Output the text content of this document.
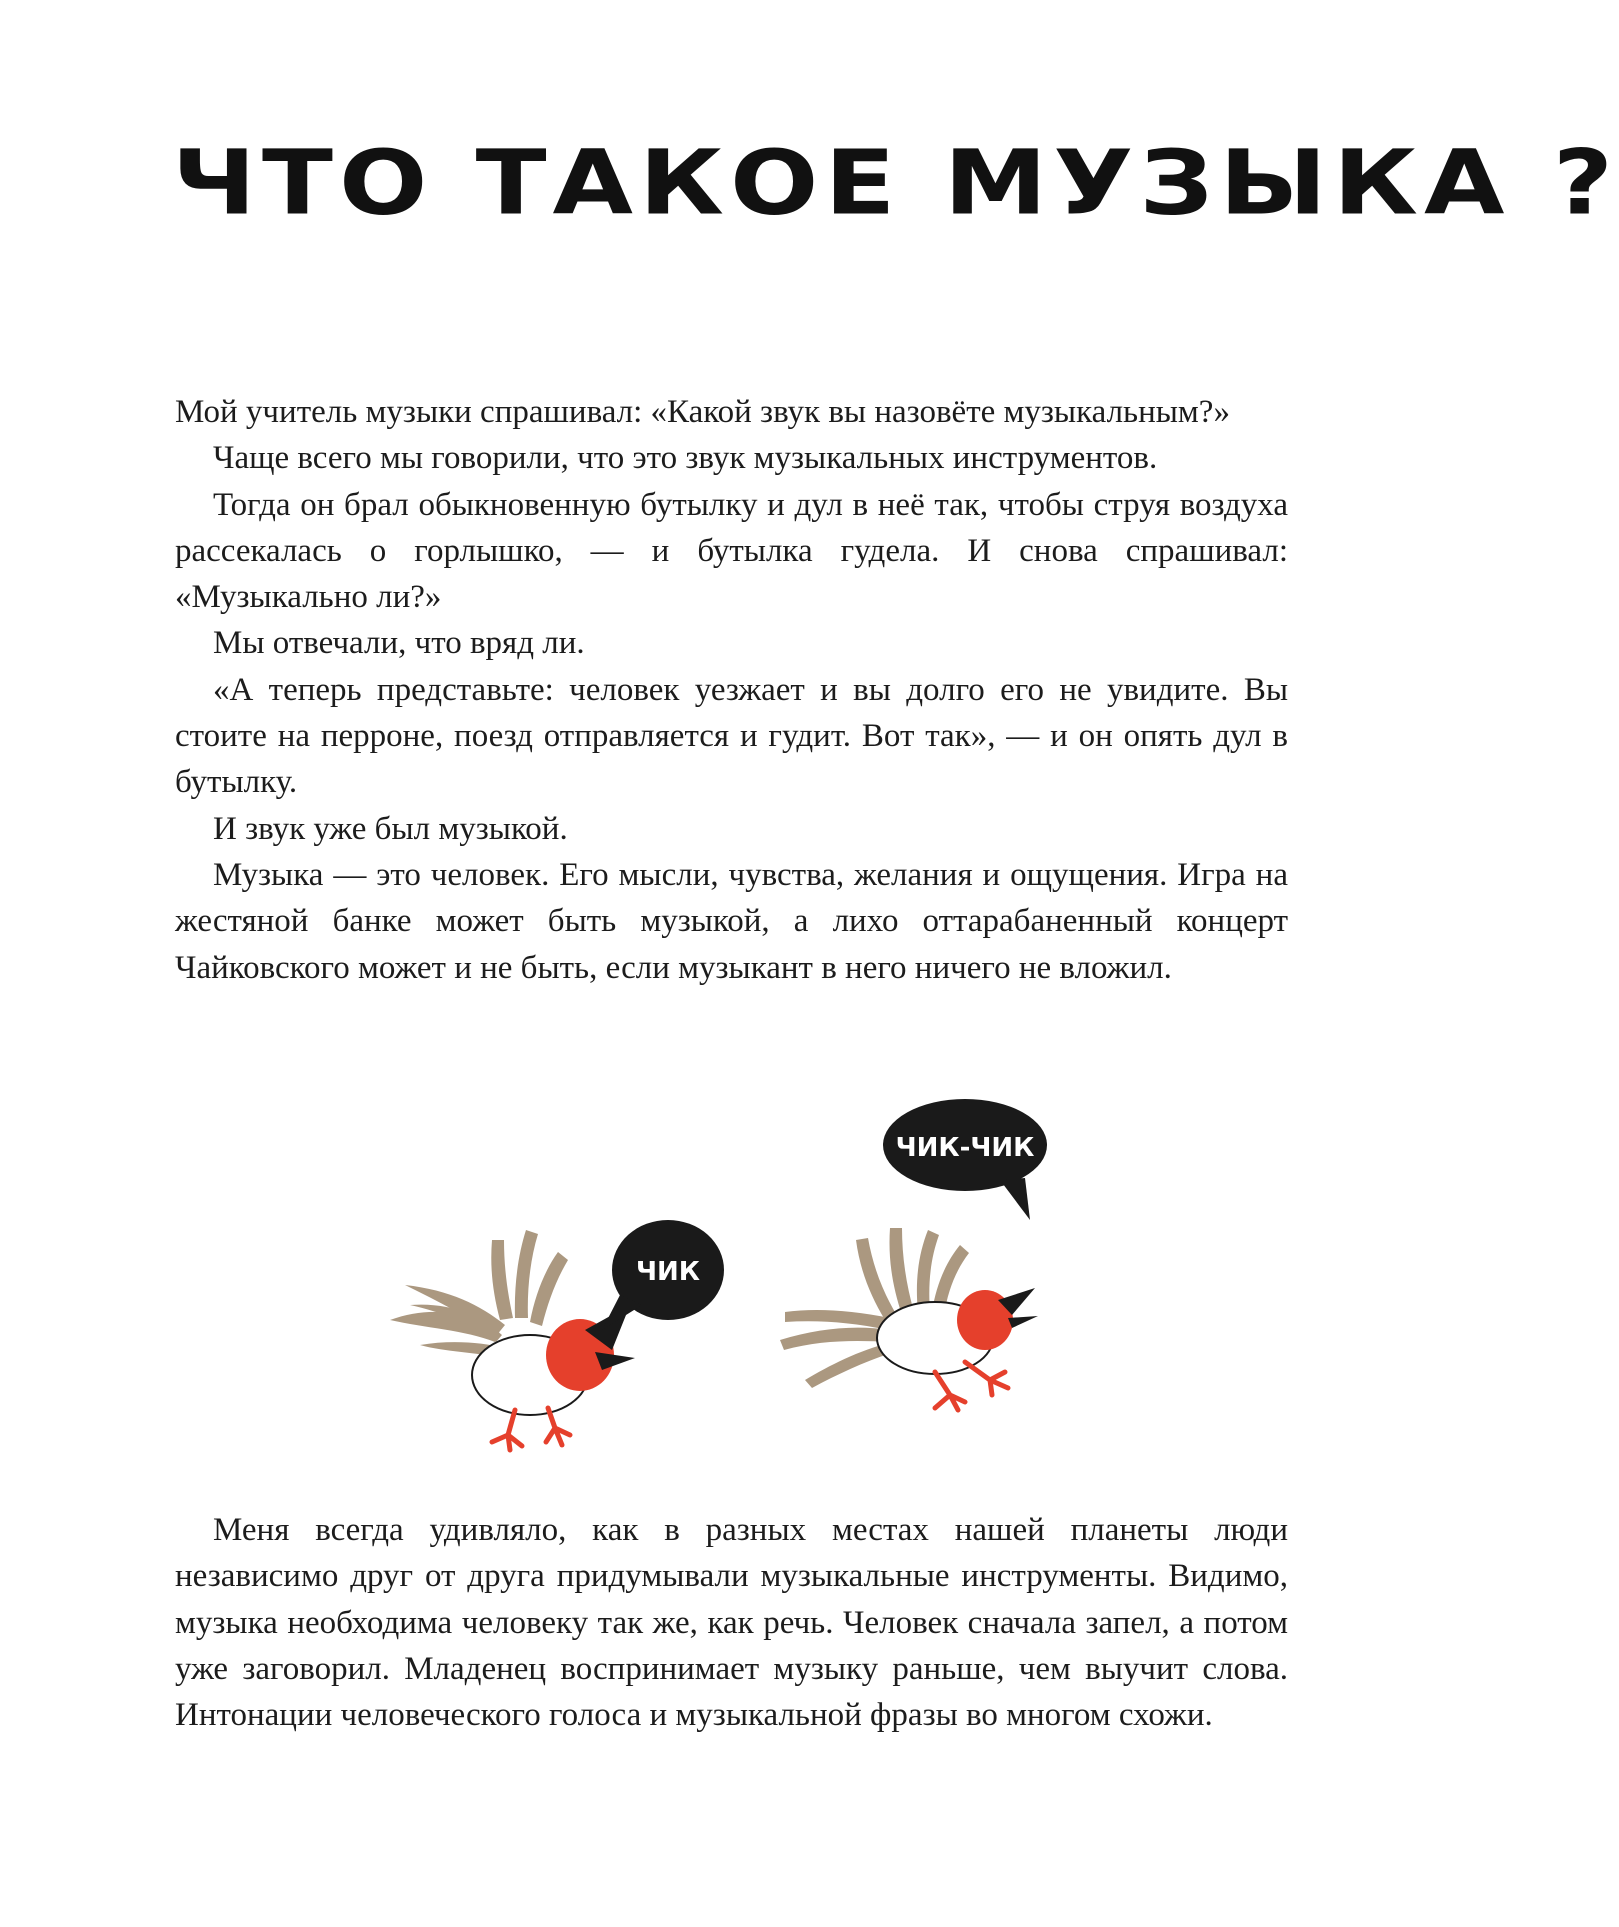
ЧТО ТАКОЕ МУЗЫКА ?

Мой учитель музыки спрашивал: «Какой звук вы назовёте музыкальным?»

Чаще всего мы говорили, что это звук музыкальных инструментов.

Тогда он брал обыкновенную бутылку и дул в неё так, чтобы струя воздуха рассекалась о горлышко, — и бутылка гудела. И снова спрашивал: «Музыкально ли?»

Мы отвечали, что вряд ли.

«А теперь представьте: человек уезжает и вы долго его не увидите. Вы стоите на перроне, поезд отправляется и гудит. Вот так», — и он опять дул в бутылку.

И звук уже был музыкой.

Музыка — это человек. Его мысли, чувства, желания и ощущения. Игра на жестяной банке может быть музыкой, а лихо оттарабаненный концерт Чайковского может и не быть, если музыкант в него ничего не вложил.

ЧИК
ЧИК-ЧИК

Меня всегда удивляло, как в разных местах нашей планеты люди независимо друг от друга придумывали музыкальные инструменты. Видимо, музыка необходима человеку так же, как речь. Человек сначала запел, а потом уже заговорил. Младенец воспринимает музыку раньше, чем выучит слова. Интонации человеческого голоса и музыкальной фразы во многом схожи.
